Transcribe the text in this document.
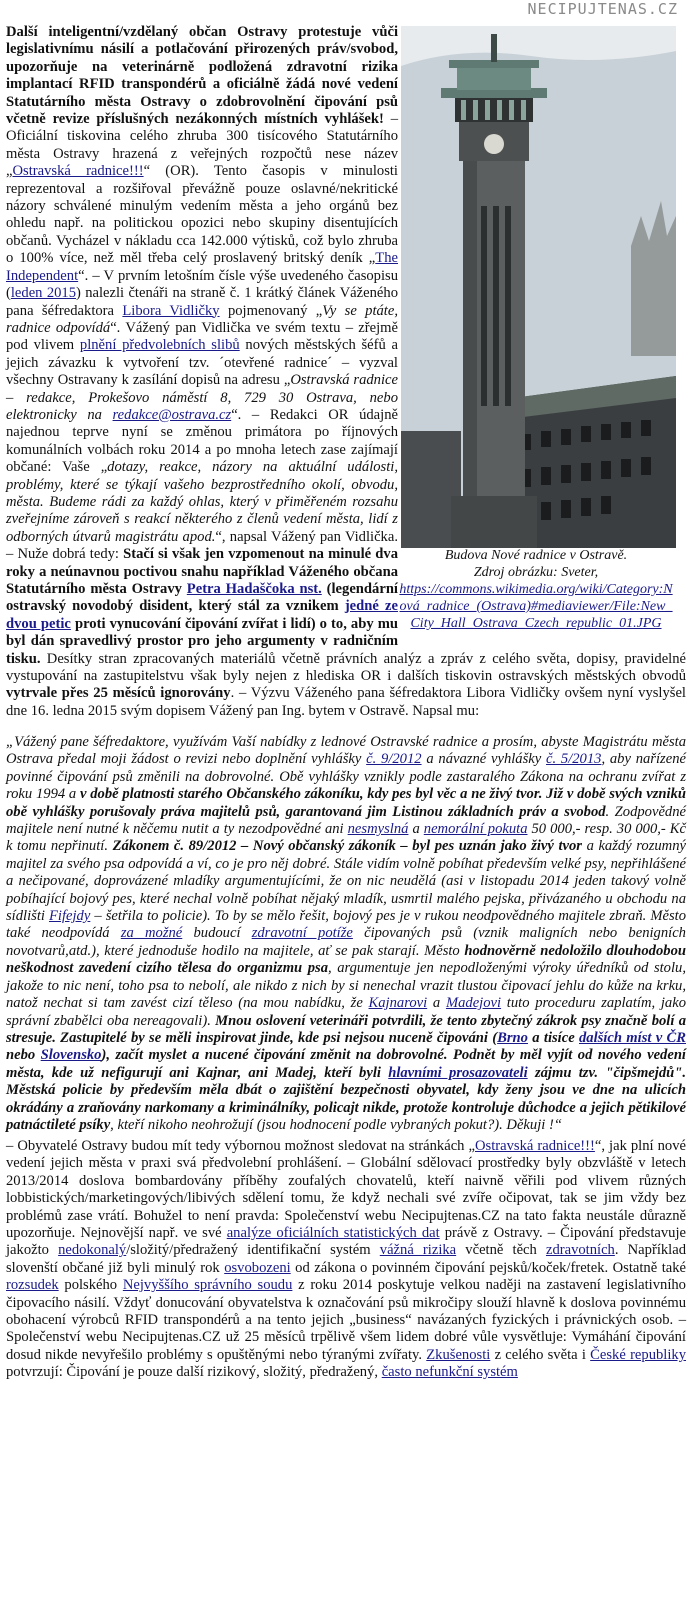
NECIPUJTENAS.CZ
Budova Nové radnice v Ostravě.
Zdroj obrázku: Sveter,
https://commons.wikimedia.org/wiki/Category:Nová_radnice_(Ostrava)#mediaviewer/File:New_City_Hall_Ostrava_Czech_republic_01.JPG

Další inteligentní/vzdělaný občan Ostravy protestuje vůči legislativnímu násilí a potlačování přirozených práv/svobod, upozorňuje na veterinárně podložená zdravotní rizika implantací RFID transpondérů a oficiálně žádá nové vedení Statutárního města Ostravy o zdobrovolnění čipování psů včetně revize příslušných nezákonných místních vyhlášek! – Oficiální tiskovina celého zhruba 300 tisícového Statutárního města Ostravy hrazená z veřejných rozpočtů nese název „Ostravská radnice!!!“ (OR). Tento časopis v minulosti reprezentoval a rozšiřoval převážně pouze oslavné/nekritické názory schválené minulým vedením města a jeho orgánů bez ohledu např. na politickou opozici nebo skupiny disentujících občanů. Vycházel v nákladu cca 142.000 výtisků, což bylo zhruba o 100% více, než měl třeba celý proslavený britský deník „The Independent“. – V prvním letošním čísle výše uvedeného časopisu (leden 2015) nalezli čtenáři na straně č. 1 krátký článek Váženého pana šéfredaktora Libora Vidličky pojmenovaný „Vy se ptáte, radnice odpovídá“. Vážený pan Vidlička ve svém textu – zřejmě pod vlivem plnění předvolebních slibů nových městských šéfů a jejich závazku k vytvoření tzv. ´otevřené radnice´ – vyzval všechny Ostravany k zasílání dopisů na adresu „Ostravská radnice – redakce, Prokešovo náměstí 8, 729 30 Ostrava, nebo elektronicky na redakce@ostrava.cz“. – Redakci OR údajně najednou teprve nyní se změnou primátora po říjnových komunálních volbách roku 2014 a po mnoha letech zase zajímají občané: Vaše „dotazy, reakce, názory na aktuální události, problémy, které se týkají vašeho bezprostředního okolí, obvodu, města. Budeme rádi za každý ohlas, který v přiměřeném rozsahu zveřejníme zároveň s reakcí některého z členů vedení města, lidí z odborných útvarů magistrátu apod.“, napsal Vážený pan Vidlička. – Nuže dobrá tedy: Stačí si však jen vzpomenout na minulé dva roky a neúnavnou poctivou snahu například Váženého občana Statutárního města Ostravy Petra Hadaščoka nst. (legendární ostravský novodobý disident, který stál za vznikem jedné ze dvou petic proti vynucování čipování zvířat i lidí) o to, aby mu byl dán spravedlivý prostor pro jeho argumenty v radničním tisku. Desítky stran zpracovaných materiálů včetně právních analýz a zpráv z celého světa, dopisy, pravidelné vystupování na zastupitelstvu však byly nejen z hlediska OR i dalších tiskovin ostravských městských obvodů vytrvale přes 25 měsíců ignorovány. – Výzvu Váženého pana šéfredaktora Libora Vidličky ovšem nyní vyslyšel dne 16. ledna 2015 svým dopisem Vážený pan Ing. bytem v Ostravě. Napsal mu:

„Vážený pane šéfredaktore, využívám Vaší nabídky z lednové Ostravské radnice a prosím, abyste Magistrátu města Ostrava předal moji žádost o revizi nebo doplnění vyhlášky č. 9/2012 a návazné vyhlášky č. 5/2013, aby nařízené povinné čipování psů změnili na dobrovolné. Obě vyhlášky vznikly podle zastaralého Zákona na ochranu zvířat z roku 1994 a v době platnosti starého Občanského zákoníku, kdy pes byl věc a ne živý tvor. Již v době svých vzniků obě vyhlášky porušovaly práva majitelů psů, garantovaná jim Listinou základních práv a svobod. Zodpovědné majitele není nutné k něčemu nutit a ty nezodpovědné ani nesmyslná a nemorální pokuta 50 000,- resp. 30 000,- Kč k tomu nepřinutí. Zákonem č. 89/2012 – Nový občanský zákoník – byl pes uznán jako živý tvor a každý rozumný majitel za svého psa odpovídá a ví, co je pro něj dobré. Stále vidím volně pobíhat především velké psy, nepřihlášené a nečipované, doprovázené mladíky argumentujícími, že on nic neudělá (asi v listopadu 2014 jeden takový volně pobíhající bojový pes, které nechal volně pobíhat nějaký mladík, usmrtil malého pejska, přivázaného u obchodu na sídlišti Fifejdy – šetřila to policie). To by se mělo řešit, bojový pes je v rukou neodpovědného majitele zbraň. Město také neodpovídá za možné budoucí zdravotní potíže čipovaných psů (vznik maligních nebo benigních novotvarů,atd.), které jednoduše hodilo na majitele, ať se pak starají. Město hodnověrně nedoložilo dlouhodobou neškodnost zavedení cizího tělesa do organizmu psa, argumentuje jen nepodloženými výroky úředníků od stolu, jakože to nic není, toho psa to nebolí, ale nikdo z nich by si nenechal vrazit tlustou čipovací jehlu do kůže na krku, natož nechat si tam zavést cizí těleso (na mou nabídku, že Kajnarovi a Madejovi tuto proceduru zaplatím, jako správní zbabělci oba nereagovali). Mnou oslovení veterináři potvrdili, že tento zbytečný zákrok psy značně bolí a stresuje. Zastupitelé by se měli inspirovat jinde, kde psi nejsou nuceně čipováni (Brno a tisíce dalších míst v ČR nebo Slovensko), začít myslet a nucené čipování změnit na dobrovolné. Podnět by měl vyjít od nového vedení města, kde už nefigurují ani Kajnar, ani Madej, kteří byli hlavními prosazovateli zájmu tzv. "čipšmejdů". Městská policie by především měla dbát o zajištění bezpečnosti obyvatel, kdy ženy jsou ve dne na ulicích okrádány a zraňovány narkomany a kriminálníky, policajt nikde, protože kontroluje důchodce a jejich pětikilové patnáctileté psíky, kteří nikoho neohrožují (jsou hodnocení podle vybraných pokut?). Děkuji !“

– Obyvatelé Ostravy budou mít tedy výbornou možnost sledovat na stránkách „Ostravská radnice!!!“, jak plní nové vedení jejich města v praxi svá předvolební prohlášení. – Globální sdělovací prostředky byly obzvláště v letech 2013/2014 doslova bombardovány příběhy zoufalých chovatelů, kteří naivně věřili pod vlivem různých lobbistických/marketingových/libivých sdělení tomu, že když nechali své zvíře očipovat, tak se jim vždy bez problémů zase vrátí. Bohužel to není pravda: Společenství webu Necipujtenas.CZ na tato fakta neustále důrazně upozorňuje. Nejnovější např. ve své analýze oficiálních statistických dat právě z Ostravy. – Čipování představuje jakožto nedokonalý/složitý/předražený identifikační systém vážná rizika včetně těch zdravotních. Například slovenští občané již byli minulý rok osvobozeni od zákona o povinném čipování pejsků/koček/fretek. Ostatně také rozsudek polského Nejvyššího správního soudu z roku 2014 poskytuje velkou naději na zastavení legislativního čipovacího násilí. Vždyť donucování obyvatelstva k označování psů mikročipy slouží hlavně k doslova povinnému obohacení výrobců RFID transpondérů a na tento jejich „business“ navázaných fyzických i právnických osob. – Společenství webu Necipujtenas.CZ už 25 měsíců trpělivě všem lidem dobré vůle vysvětluje: Vymáhání čipování dosud nikde nevyřešilo problémy s opuštěnými nebo týranými zvířaty. Zkušenosti z celého světa i České republiky potvrzují: Čipování je pouze další rizikový, složitý, předražený, často nefunkční systém
